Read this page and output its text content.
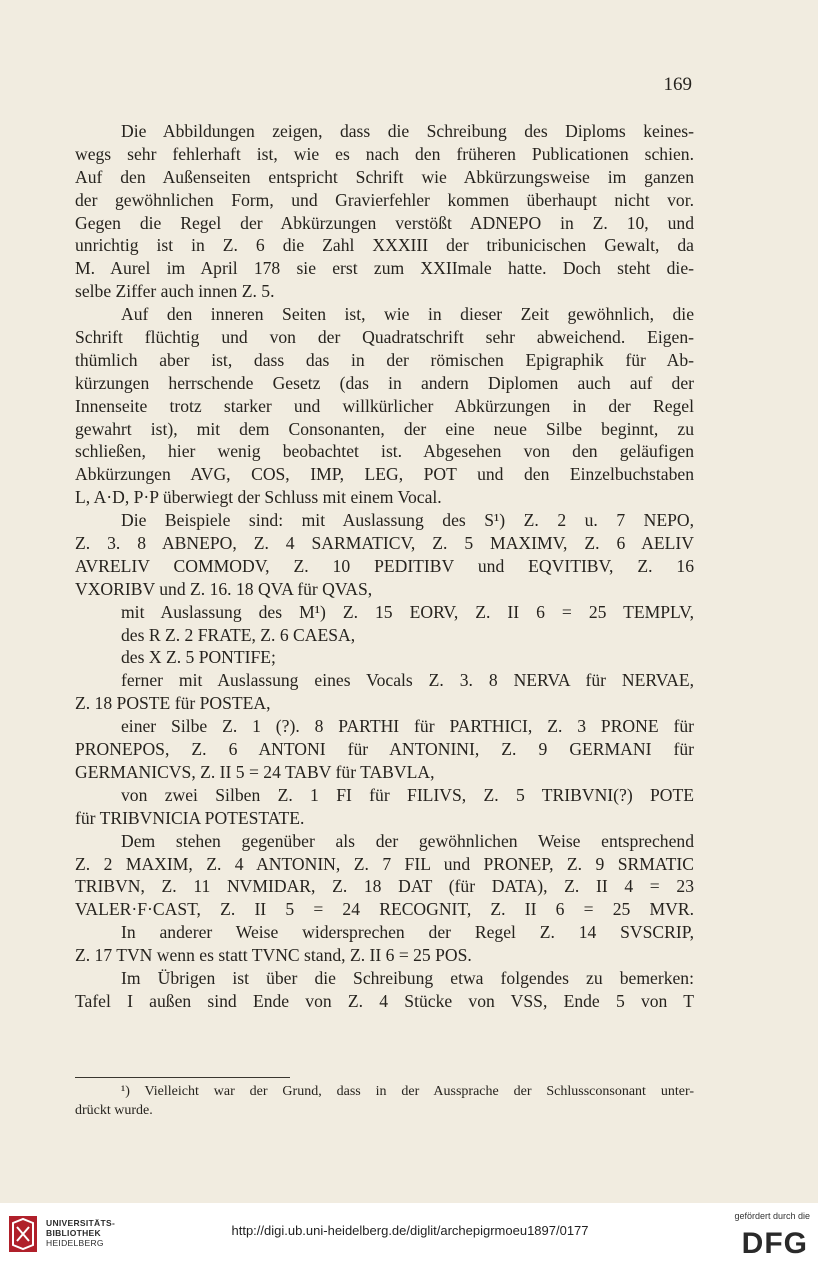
169
Die Abbildungen zeigen, dass die Schreibung des Diploms keines-
wegs sehr fehlerhaft ist, wie es nach den früheren Publicationen schien.
Auf den Außenseiten entspricht Schrift wie Abkürzungsweise im ganzen
der gewöhnlichen Form, und Gravierfehler kommen überhaupt nicht vor.
Gegen die Regel der Abkürzungen verstößt ADNEPO in Z. 10, und
unrichtig ist in Z. 6 die Zahl XXXIII der tribunicischen Gewalt, da
M. Aurel im April 178 sie erst zum XXIImale hatte. Doch steht die-
selbe Ziffer auch innen Z. 5.
Auf den inneren Seiten ist, wie in dieser Zeit gewöhnlich, die
Schrift flüchtig und von der Quadratschrift sehr abweichend. Eigen-
thümlich aber ist, dass das in der römischen Epigraphik für Ab-
kürzungen herrschende Gesetz (das in andern Diplomen auch auf der
Innenseite trotz starker und willkürlicher Abkürzungen in der Regel
gewahrt ist), mit dem Consonanten, der eine neue Silbe beginnt, zu
schließen, hier wenig beobachtet ist. Abgesehen von den geläufigen
Abkürzungen AVG, COS, IMP, LEG, POT und den Einzelbuchstaben
L, A·D, P·P überwiegt der Schluss mit einem Vocal.
Die Beispiele sind: mit Auslassung des S¹) Z. 2 u. 7 NEPO,
Z. 3. 8 ABNEPO, Z. 4 SARMATICV, Z. 5 MAXIMV, Z. 6 AELIV
AVRELIV COMMODV, Z. 10 PEDITIBV und EQVITIBV, Z. 16
VXORIBV und Z. 16. 18 QVA für QVAS,
mit Auslassung des M¹) Z. 15 EORV, Z. II 6 = 25 TEMPLV,
des R Z. 2 FRATE, Z. 6 CAESA,
des X Z. 5 PONTIFE;
ferner mit Auslassung eines Vocals Z. 3. 8 NERVA für NERVAE,
Z. 18 POSTE für POSTEA,
einer Silbe Z. 1 (?). 8 PARTHI für PARTHICI, Z. 3 PRONE für
PRONEPOS, Z. 6 ANTONI für ANTONINI, Z. 9 GERMANI für
GERMANICVS, Z. II 5 = 24 TABV für TABVLA,
von zwei Silben Z. 1 FI für FILIVS, Z. 5 TRIBVNI(?) POTE
für TRIBVNICIA POTESTATE.
Dem stehen gegenüber als der gewöhnlichen Weise entsprechend
Z. 2 MAXIM, Z. 4 ANTONIN, Z. 7 FIL und PRONEP, Z. 9 SRMATIC
TRIBVN, Z. 11 NVMIDAR, Z. 18 DAT (für DATA), Z. II 4 = 23
VALER·F·CAST, Z. II 5 = 24 RECOGNIT, Z. II 6 = 25 MVR.
In anderer Weise widersprechen der Regel Z. 14 SVSCRIP,
Z. 17 TVN wenn es statt TVNC stand, Z. II 6 = 25 POS.
Im Übrigen ist über die Schreibung etwa folgendes zu bemerken:
Tafel I außen sind Ende von Z. 4 Stücke von VSS, Ende 5 von T
¹) Vielleicht war der Grund, dass in der Aussprache der Schlussconsonant unter-
drückt wurde.
UNIVERSITÄTS-
BIBLIOTHEK
HEIDELBERG
http://digi.ub.uni-heidelberg.de/diglit/archepigrmoeu1897/0177
gefördert durch die
DFG
